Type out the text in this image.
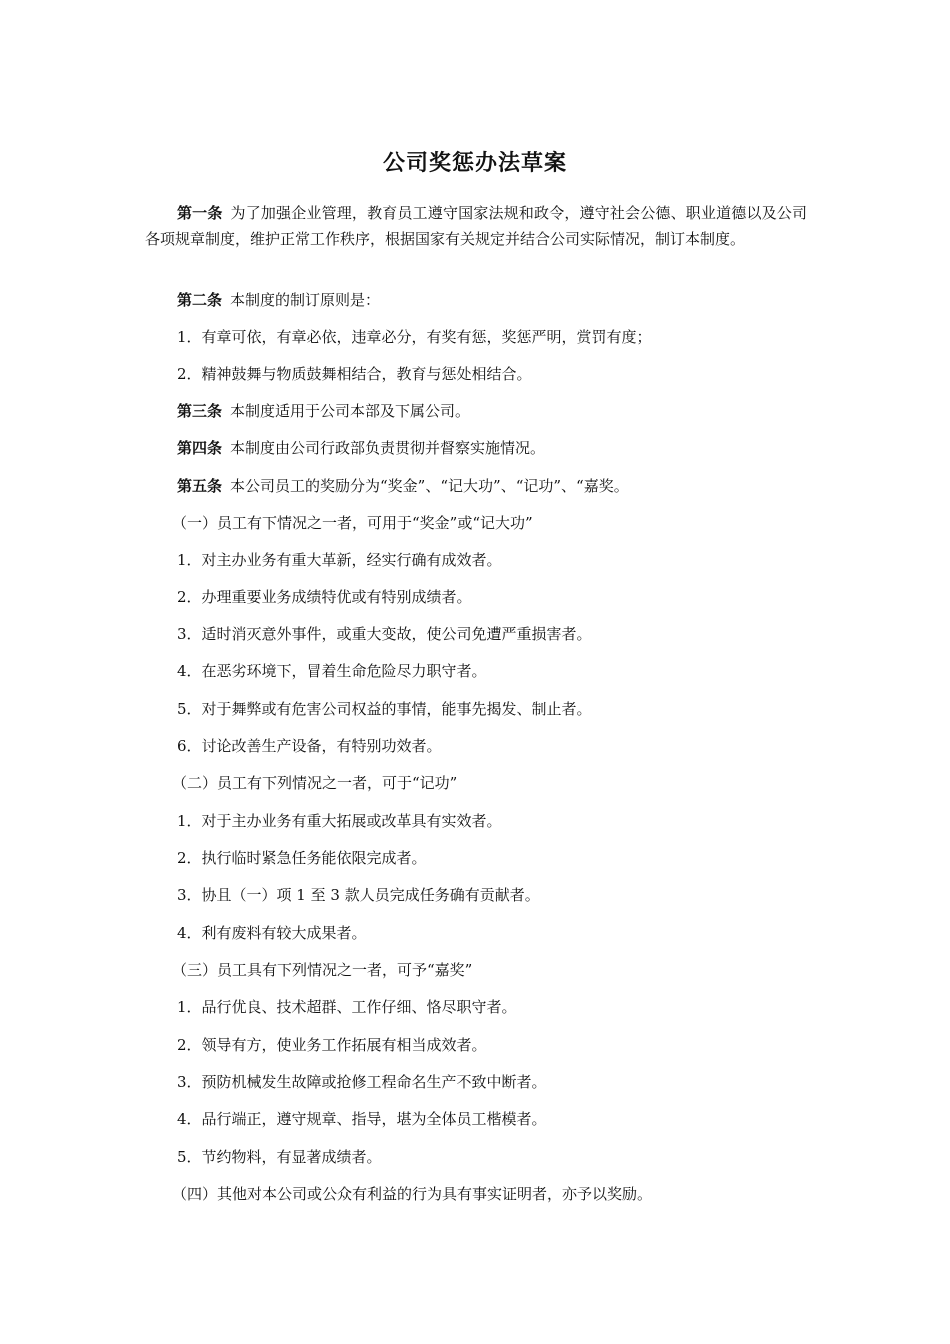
公司奖惩办法草案

第一条 为了加强企业管理，教育员工遵守国家法规和政令，遵守社会公德、职业道德以及公司各项规章制度，维护正常工作秩序，根据国家有关规定并结合公司实际情况，制订本制度。

第二条 本制度的制订原则是：

1．有章可依，有章必依，违章必分，有奖有惩，奖惩严明，赏罚有度；

2．精神鼓舞与物质鼓舞相结合，教育与惩处相结合。

第三条 本制度适用于公司本部及下属公司。

第四条 本制度由公司行政部负责贯彻并督察实施情况。

第五条 本公司员工的奖励分为“奖金”、“记大功”、“记功”、“嘉奖。

（一）员工有下情况之一者，可用于“奖金”或“记大功”

1．对主办业务有重大革新，经实行确有成效者。

2．办理重要业务成绩特优或有特别成绩者。

3．适时消灭意外事件，或重大变故，使公司免遭严重损害者。

4．在恶劣环境下，冒着生命危险尽力职守者。

5．对于舞弊或有危害公司权益的事情，能事先揭发、制止者。

6．讨论改善生产设备，有特别功效者。

（二）员工有下列情况之一者，可于“记功”

1．对于主办业务有重大拓展或改革具有实效者。

2．执行临时紧急任务能依限完成者。

3．协且（一）项 1 至 3 款人员完成任务确有贡献者。

4．利有废料有较大成果者。

（三）员工具有下列情况之一者，可予“嘉奖”

1．品行优良、技术超群、工作仔细、恪尽职守者。

2．领导有方，使业务工作拓展有相当成效者。

3．预防机械发生故障或抢修工程命名生产不致中断者。

4．品行端正，遵守规章、指导，堪为全体员工楷模者。

5．节约物料，有显著成绩者。

（四）其他对本公司或公众有利益的行为具有事实证明者，亦予以奖励。
